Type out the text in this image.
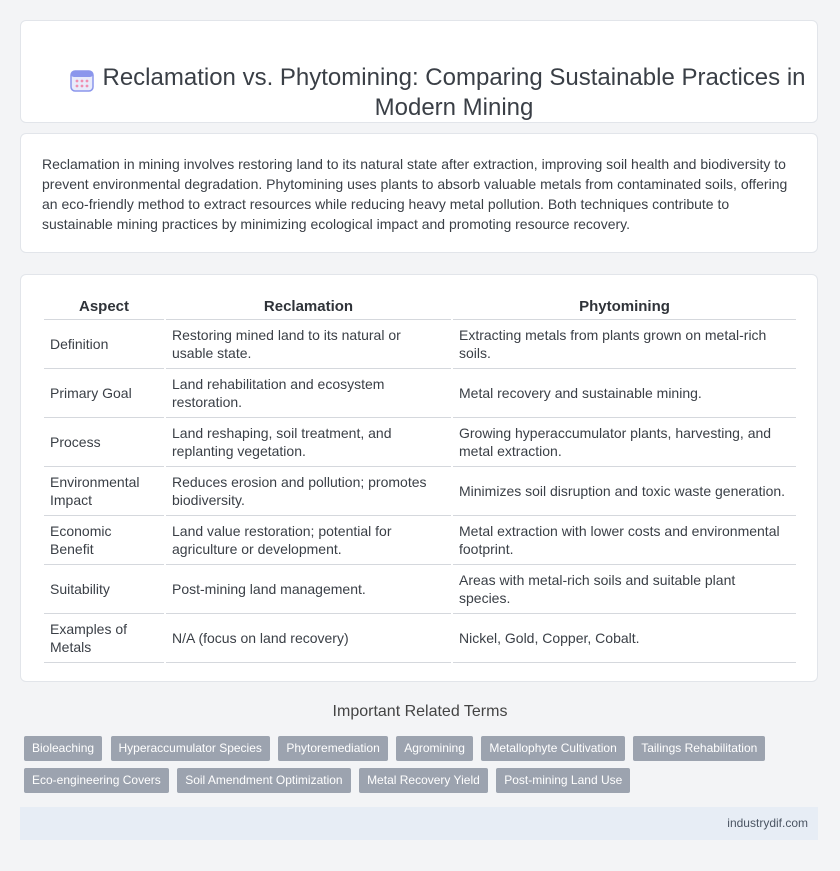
Reclamation vs. Phytomining: Comparing Sustainable Practices in Modern Mining

Reclamation in mining involves restoring land to its natural state after extraction, improving soil health and biodiversity to prevent environmental degradation. Phytomining uses plants to absorb valuable metals from contaminated soils, offering an eco-friendly method to extract resources while reducing heavy metal pollution. Both techniques contribute to sustainable mining practices by minimizing ecological impact and promoting resource recovery.

Aspect	Reclamation	Phytomining
Definition	Restoring mined land to its natural or usable state.	Extracting metals from plants grown on metal-rich soils.
Primary Goal	Land rehabilitation and ecosystem restoration.	Metal recovery and sustainable mining.
Process	Land reshaping, soil treatment, and replanting vegetation.	Growing hyperaccumulator plants, harvesting, and metal extraction.
Environmental Impact	Reduces erosion and pollution; promotes biodiversity.	Minimizes soil disruption and toxic waste generation.
Economic Benefit	Land value restoration; potential for agriculture or development.	Metal extraction with lower costs and environmental footprint.
Suitability	Post-mining land management.	Areas with metal-rich soils and suitable plant species.
Examples of Metals	N/A (focus on land recovery)	Nickel, Gold, Copper, Cobalt.
Important Related Terms
Bioleaching Hyperaccumulator Species Phytoremediation Agromining Metallophyte Cultivation Tailings Rehabilitation Eco-engineering Covers Soil Amendment Optimization Metal Recovery Yield Post-mining Land Use
industrydif.com
